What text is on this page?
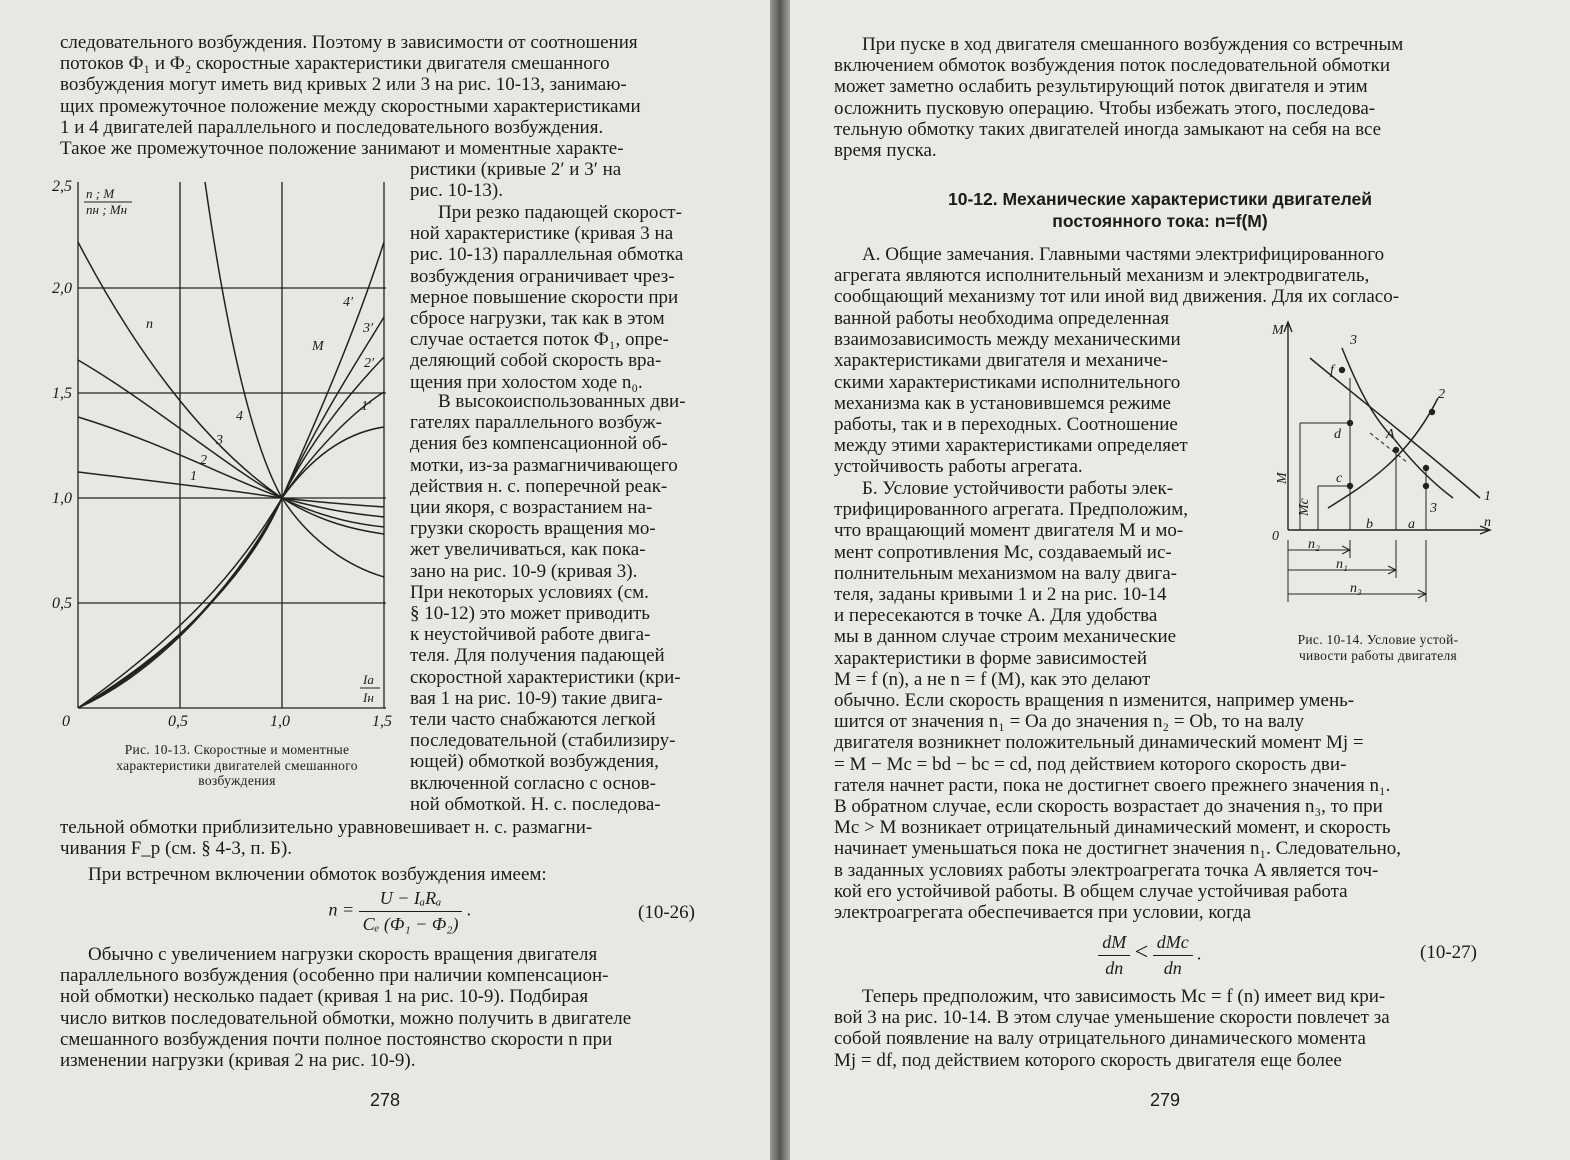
следовательного возбуждения. Поэтому в зависимости от соотношения
потоков Ф₁ и Ф₂ скоростные характеристики двигателя смешанного
возбуждения могут иметь вид кривых 2 или 3 на рис. 10-13, занимаю-
щих промежуточное положение между скоростными характеристиками
1 и 4 двигателей параллельного и последовательного возбуждения.
Такое же промежуточное положение занимают и моментные характе-
ристики (кривые 2′ и 3′ на
рис. 10-13).
При резко падающей скорост-
ной характеристике (кривая 3 на
рис. 10-13) параллельная обмотка
возбуждения ограничивает чрез-
мерное повышение скорости при
сбросе нагрузки, так как в этом
случае остается поток Ф₁, опре-
деляющий собой скорость вра-
щения при холостом ходе n₀.
В высокоиспользованных дви-
гателях параллельного возбуж-
дения без компенсационной об-
мотки, из-за размагничивающего
действия н. с. поперечной реак-
ции якоря, с возрастанием на-
грузки скорость вращения мо-
жет увеличиваться, как пока-
зано на рис. 10-9 (кривая 3).
При некоторых условиях (см.
§ 10-12) это может приводить
к неустойчивой работе двига-
теля. Для получения падающей
скоростной характеристики (кри-
вая 1 на рис. 10-9) такие двига-
тели часто снабжаются легкой
последовательной (стабилизиру-
ющей) обмоткой возбуждения,
включенной согласно с основ-
ной обмоткой. Н. с. последова-
2,5
2,0
1,5
1,0
0,5
0	0,5	1,0	1,5
n ; M
nн ; Mн
Ia
Iн
n
M
1
2
3
4
1′
2′
3′
4′
Рис. 10-13. Скоростные и моментные
характеристики двигателей смешанного
возбуждения
тельной обмотки приблизительно уравновешивает н. с. размагни-
чивания F_p (см. § 4-3, п. Б).
При встречном включении обмоток возбуждения имеем:
$n = \frac{\text{U − IₐRₐ}}{\text{Cₑ (Ф₁ − Ф₂)}}$ .	(10-26)
Обычно с увеличением нагрузки скорость вращения двигателя
параллельного возбуждения (особенно при наличии компенсацион-
ной обмотки) несколько падает (кривая 1 на рис. 10-9). Подбирая
число витков последовательной обмотки, можно получить в двигателе
смешанного возбуждения почти полное постоянство скорости n при
изменении нагрузки (кривая 2 на рис. 10-9).
278
При пуске в ход двигателя смешанного возбуждения со встречным
включением обмоток возбуждения поток последовательной обмотки
может заметно ослабить результирующий поток двигателя и этим
осложнить пусковую операцию. Чтобы избежать этого, последова-
тельную обмотку таких двигателей иногда замыкают на себя на все
время пуска.
10-12. Механические характеристики двигателей
постоянного тока: n=f(M)
А. Общие замечания. Главными частями электрифицированного
агрегата являются исполнительный механизм и электродвигатель,
сообщающий механизму тот или иной вид движения. Для их согласо-
ванной работы необходима определенная
взаимозависимость между механическими
характеристиками двигателя и механиче-
скими характеристиками исполнительного
механизма как в установившемся режиме
работы, так и в переходных. Соотношение
между этими характеристиками определяет
устойчивость работы агрегата.
Б. Условие устойчивости работы элек-
трифицированного агрегата. Предположим,
что вращающий момент двигателя M и мо-
мент сопротивления Mс, создаваемый ис-
полнительным механизмом на валу двига-
теля, заданы кривыми 1 и 2 на рис. 10-14
и пересекаются в точке A. Для удобства
мы в данном случае строим механические
характеристики в форме зависимостей
M = f (n), а не n = f (M), как это делают
M
0
n
M
Mc
1
2
3
3
A
f
d
c
b	a
n₂
n₁
n₃
Рис. 10-14. Условие устой-
чивости работы двигателя
обычно. Если скорость вращения n изменится, например умень-
шится от значения n₁ = Oa до значения n₂ = Ob, то на валу
двигателя возникнет положительный динамический момент Mj =
= M − Mс = bd − bc = cd, под действием которого скорость дви-
гателя начнет расти, пока не достигнет своего прежнего значения n₁.
В обратном случае, если скорость возрастает до значения n₃, то при
Mс > M возникает отрицательный динамический момент, и скорость
начинает уменьшаться пока не достигнет значения n₁. Следовательно,
в заданных условиях работы электроагрегата точка A является точ-
кой его устойчивой работы. В общем случае устойчивая работа
электроагрегата обеспечивается при условии, когда
$\frac{dM}{dn} < \frac{\text{dMс}}{dn}$ .	(10-27)
Теперь предположим, что зависимость Mс = f (n) имеет вид кри-
вой 3 на рис. 10-14. В этом случае уменьшение скорости повлечет за
собой появление на валу отрицательного динамического момента
Mj = df, под действием которого скорость двигателя еще более
279
